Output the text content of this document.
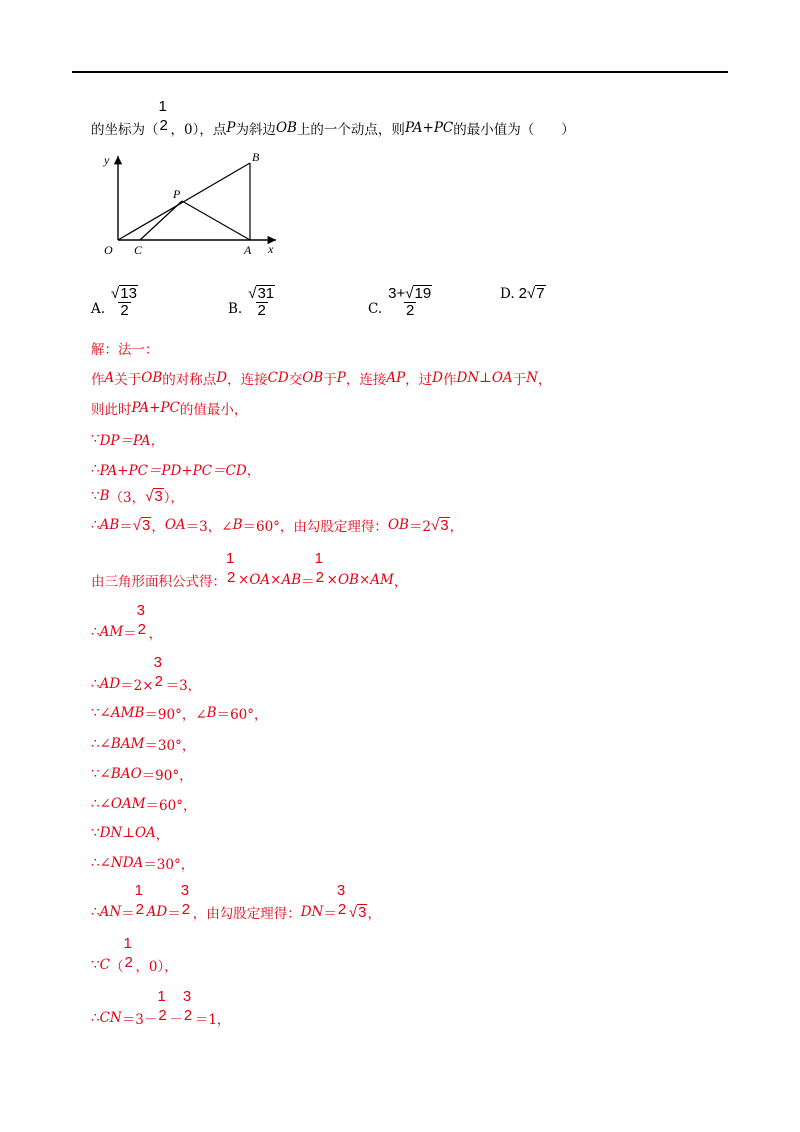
的坐标为（
1
2 ，0），点 P 为斜边 OB 上的一个动点，则 PA+PC 的最小值为（　　）
y
x
O C	A
B
P
A. $\frac{√ 13}{2}$	B. $\frac{√ 31}{2}$	C. $\frac{3+ √ 19}{2}$	D. 2 √ 7
解：法一：
作 A 关于 OB 的对称点 D ，连接 CD 交 OB 于 P ，连接 AP ，过 D 作 DN ⊥ OA 于 N ，
则此时 PA+PC 的值最小，
∵ DP＝PA ，
∴ PA+PC＝PD+PC＝CD ，
∵ B （3， √ 3 ），
∴ AB ＝ √ 3 ， OA ＝3，∠ B ＝60°，由勾股定理得： OB ＝2 √ 3 ，
由三角形面积公式得：
1
2 × OA × AB ＝
1
2 × OB × AM ，
∴ AM ＝
3
2 ，
∴ AD ＝2×
3
2 ＝3，
∵∠ AMB ＝90°，∠ B ＝60°，
∴∠ BAM ＝30°，
∵∠ BAO ＝90°，
∴∠ OAM ＝60°，
∵ DN ⊥ OA ，
∴∠ NDA ＝30°，
∴ AN ＝
1
2 AD ＝
3
2 ，由勾股定理得： DN ＝
3
2 √ 3 ，
∵ C （
1
2 ，0），
∴ CN ＝3－
1
2 －
3
2 ＝1，
